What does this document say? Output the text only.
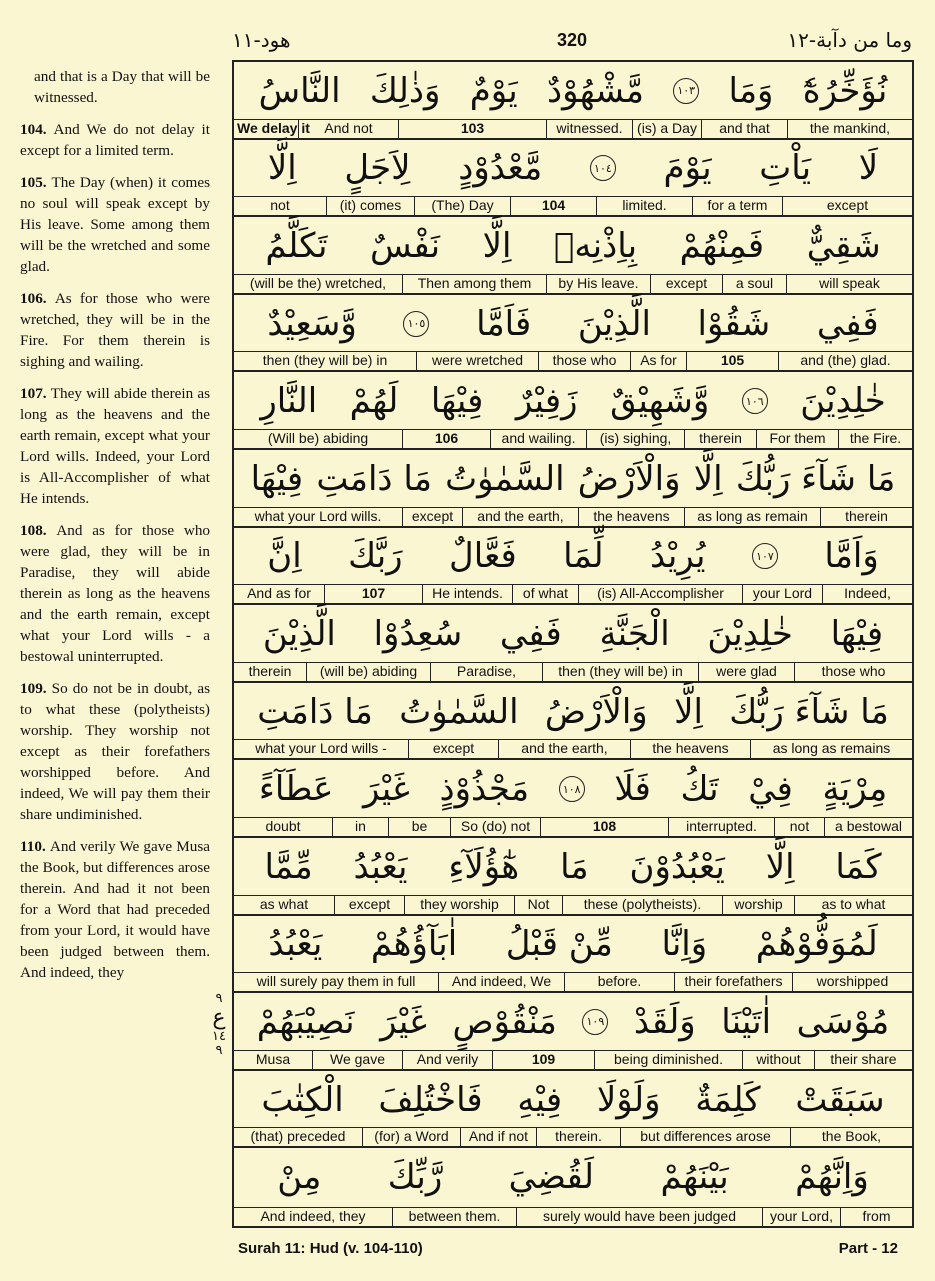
هود-١١	320	وما من دآبة-١٢
and that is a Day that will be witnessed.
104. And We do not delay it except for a limited term.
105. The Day (when) it comes no soul will speak except by His leave. Some among them will be the wretched and some glad.
106. As for those who were wretched, they will be in the Fire. For them therein is sighing and wailing.
107. They will abide therein as long as the heavens and the earth remain, except what your Lord wills. Indeed, your Lord is All-Accomplisher of what He intends.
108. And as for those who were glad, they will be in Paradise, they will abide therein as long as the heavens and the earth remain, except what your Lord wills - a bestowal uninterrupted.
109. So do not be in doubt, as to what these (polytheists) worship. They worship not except as their forefathers worshipped before. And indeed, We will pay them their share undiminished.
110. And verily We gave Musa the Book, but differences arose therein. And had it not been for a Word that had preceded from your Lord, it would have been judged between them. And indeed, they
٩
ع
١٤
٩
النَّاسُ وَذٰلِكَ يَوْمٌ مَّشْهُوْدٌ	١٠٣ وَمَا نُؤَخِّرُهٗٓ
We delay it	And not	103	witnessed.	(is) a Day	and that	the mankind,
اِلَّا لِاَجَلٍ مَّعْدُوْدٍ	١٠٤ يَوْمَ يَاْتِ لَا
not	(it) comes	(The) Day	104	limited.	for a term	except
تَكَلَّمُ نَفْسٌ اِلَّا بِاِذْنِهٖ فَمِنْهُمْ شَقِيٌّ
(will be the) wretched,	Then among them	by His leave.	except	a soul	will speak
وَّسَعِيْدٌ	١٠٥ فَاَمَّا الَّذِيْنَ شَقُوْا فَفِي
then (they will be) in	were wretched	those who	As for	105	and (the) glad.
النَّارِ لَهُمْ فِيْهَا زَفِيْرٌ وَّشَهِيْقٌ	١٠٦ خٰلِدِيْنَ
(Will be) abiding	106	and wailing.	(is) sighing,	therein	For them	the Fire.
فِيْهَا مَا دَامَتِ السَّمٰوٰتُ وَالْاَرْضُ اِلَّا مَا شَآءَ رَبُّكَ
what your Lord wills.	except	and the earth,	the heavens	as long as remain	therein
اِنَّ رَبَّكَ فَعَّالٌ لِّمَا يُرِيْدُ	١٠٧ وَاَمَّا
And as for	107	He intends.	of what	(is) All-Accomplisher	your Lord	Indeed,
الَّذِيْنَ سُعِدُوْا فَفِي الْجَنَّةِ خٰلِدِيْنَ فِيْهَا
therein	(will be) abiding	Paradise,	then (they will be) in	were glad	those who
مَا دَامَتِ السَّمٰوٰتُ وَالْاَرْضُ اِلَّا مَا شَآءَ رَبُّكَ
what your Lord wills -	except	and the earth,	the heavens	as long as remains
عَطَآءً غَيْرَ مَجْذُوْذٍ	١٠٨ فَلَا تَكُ فِيْ مِرْيَةٍ
doubt	in	be	So (do) not	108	interrupted.	not	a bestowal
مِّمَّا يَعْبُدُ هٰٓؤُلَآءِ مَا يَعْبُدُوْنَ اِلَّا كَمَا
as what	except	they worship	Not	these (polytheists).	worship	as to what
يَعْبُدُ اٰبَآؤُهُمْ مِّنْ قَبْلُ وَاِنَّا لَمُوَفُّوْهُمْ
will surely pay them in full	And indeed, We	before.	their forefathers	worshipped
نَصِيْبَهُمْ غَيْرَ مَنْقُوْصٍ	١٠٩ وَلَقَدْ اٰتَيْنَا مُوْسَى
Musa	We gave	And verily	109	being diminished.	without	their share
الْكِتٰبَ فَاخْتُلِفَ فِيْهِ وَلَوْلَا كَلِمَةٌ سَبَقَتْ
(that) preceded	(for) a Word	And if not	therein.	but differences arose	the Book,
مِنْ رَّبِّكَ لَقُضِيَ بَيْنَهُمْ وَاِنَّهُمْ
And indeed, they	between them.	surely would have been judged	your Lord,	from
Surah 11: Hud (v. 104-110)	Part - 12
